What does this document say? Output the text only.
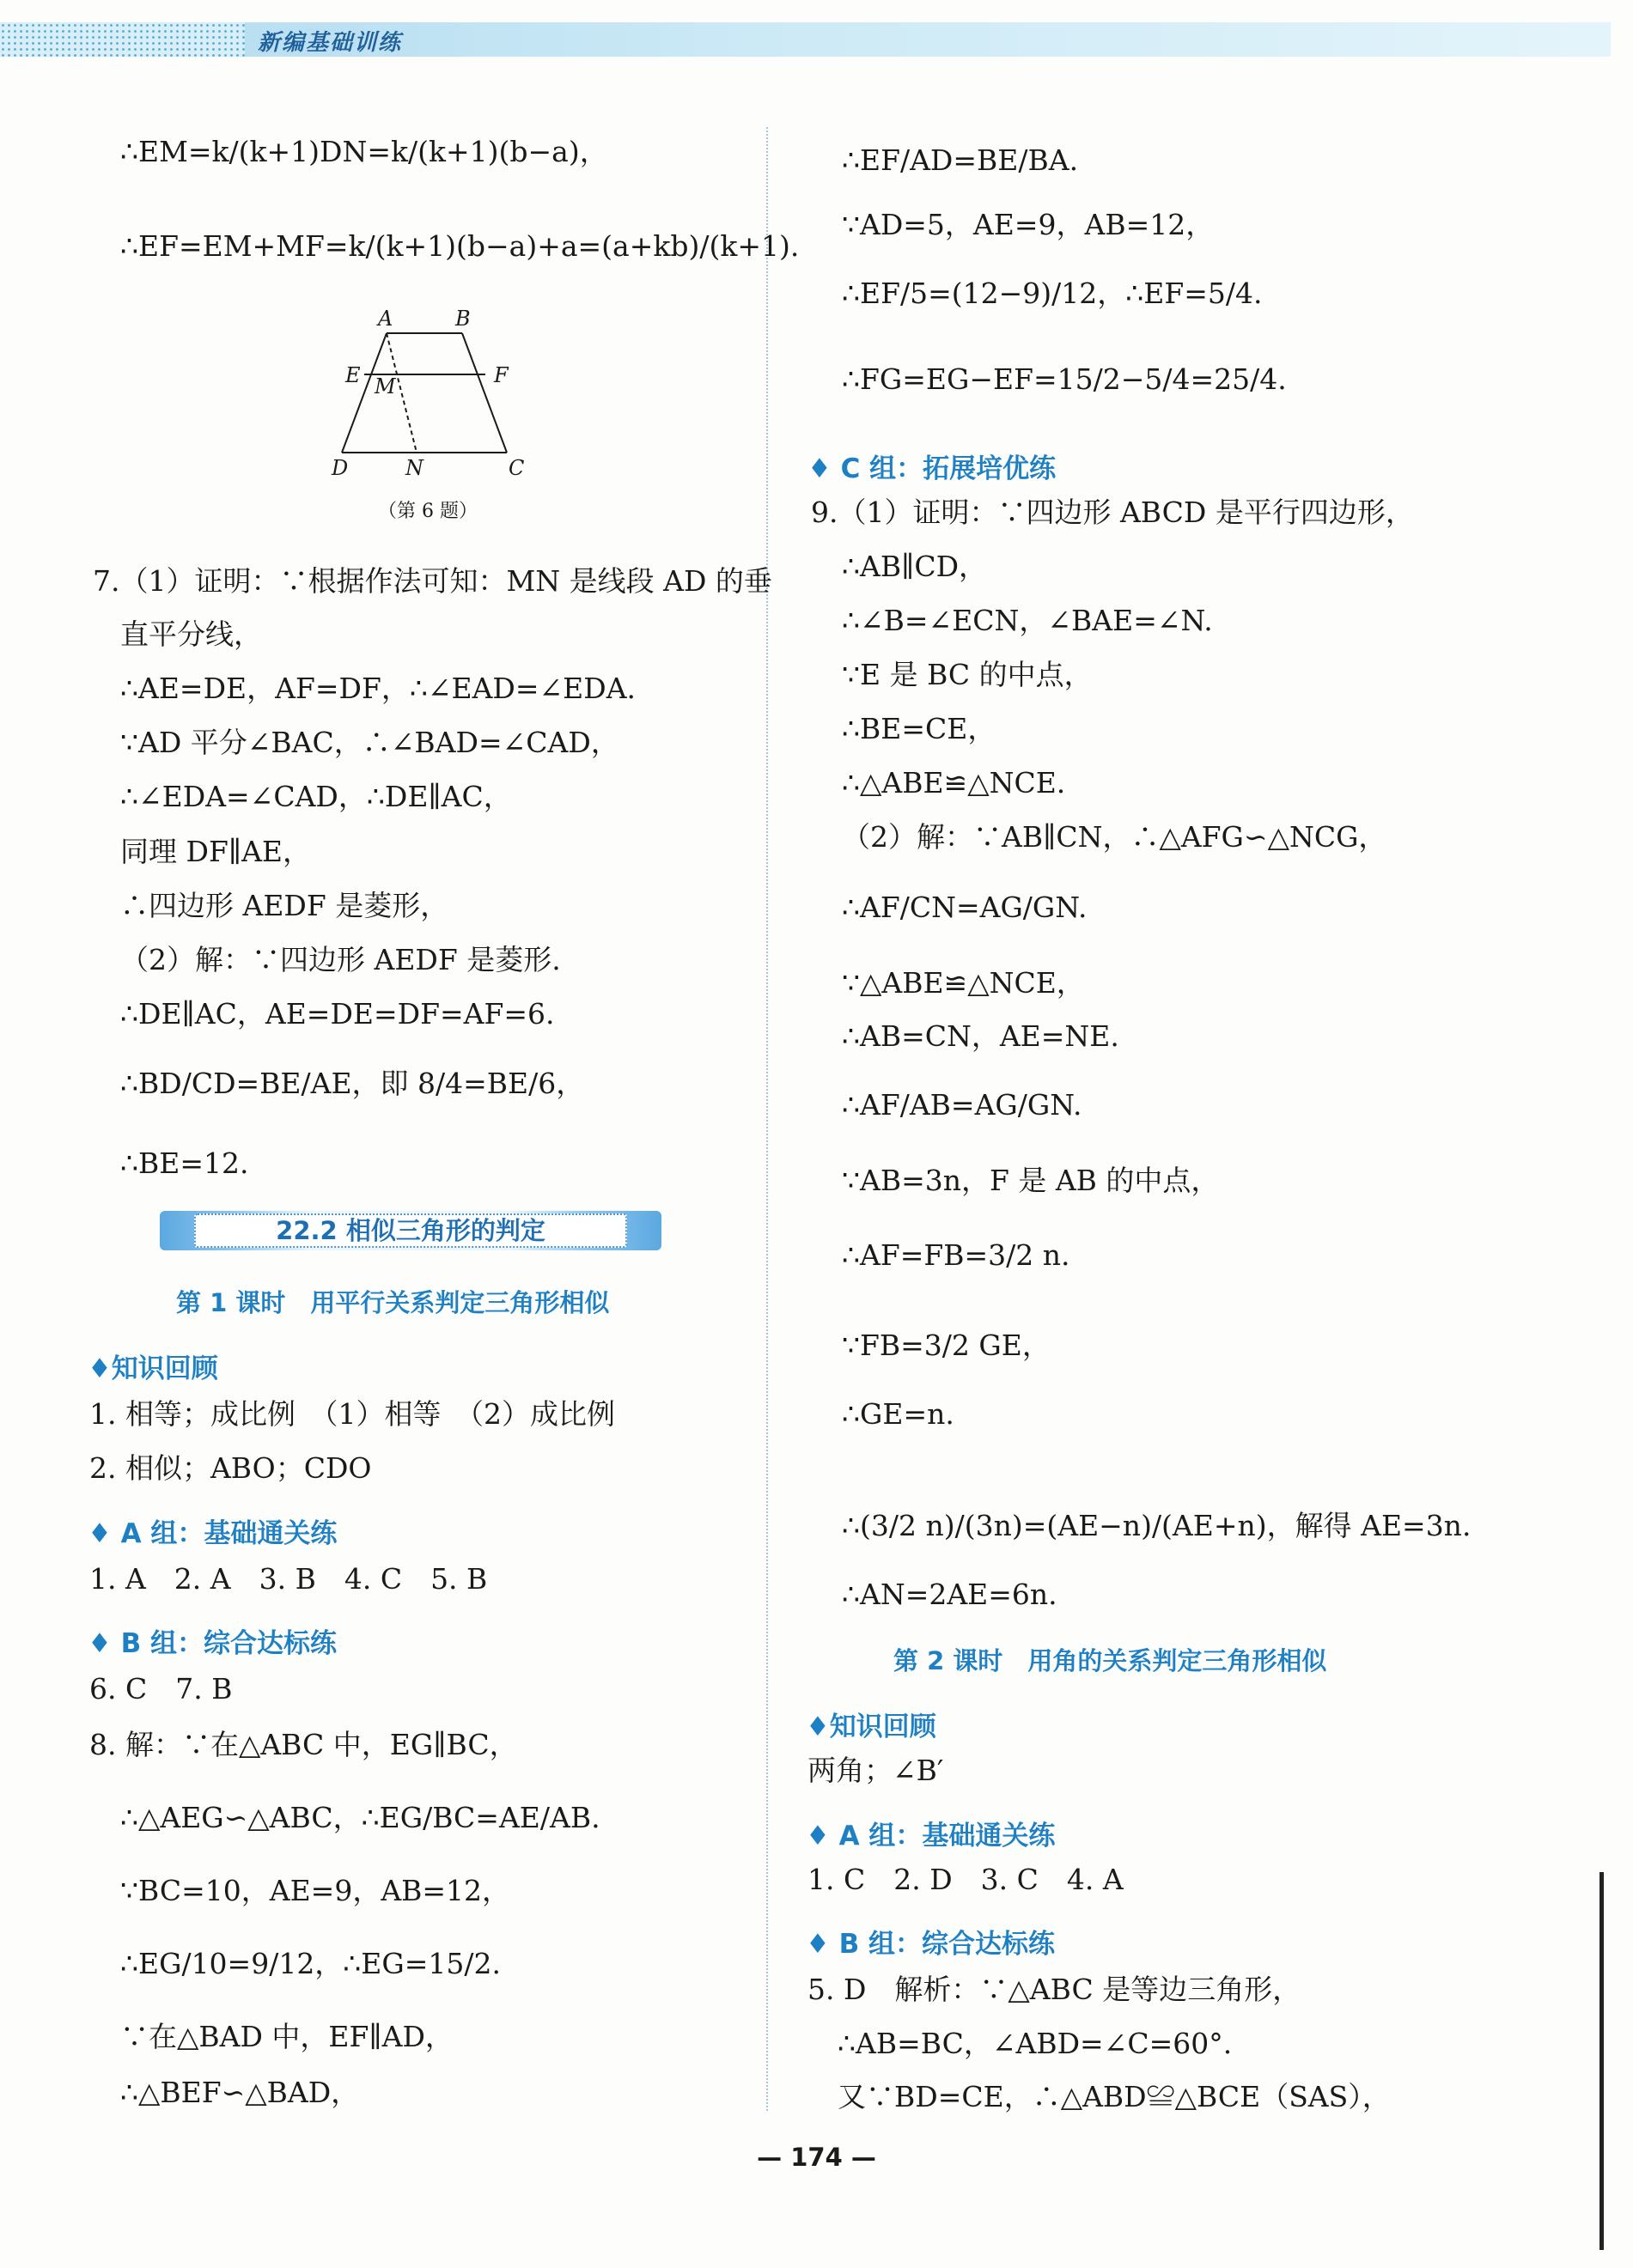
新编基础训练
∴EM=k/(k+1)DN=k/(k+1)(b−a)，
∴EF=EM+MF=k/(k+1)(b−a)+a=(a+kb)/(k+1).
A	B
E M	F
D	N	C
（第 6 题）
7.（1）证明：∵根据作法可知：MN 是线段 AD 的垂
直平分线，
∴AE=DE，AF=DF，∴∠EAD=∠EDA.
∵AD 平分∠BAC，∴∠BAD=∠CAD，
∴∠EDA=∠CAD，∴DE∥AC，
同理 DF∥AE，
∴四边形 AEDF 是菱形，
（2）解：∵四边形 AEDF 是菱形.
∴DE∥AC，AE=DE=DF=AF=6.
∴BD/CD=BE/AE，即 8/4=BE/6，
∴BE=12.
22.2 相似三角形的判定
第 1 课时　用平行关系判定三角形相似
♦知识回顾
1. 相等；成比例　（1）相等　（2）成比例
2. 相似；ABO；CDO
♦ A 组：基础通关练
1. A　2. A　3. B　4. C　5. B
♦ B 组：综合达标练
6. C　7. B
8. 解：∵在△ABC 中，EG∥BC，
∴△AEG∽△ABC，∴EG/BC=AE/AB.
∵BC=10，AE=9，AB=12，
∴EG/10=9/12，∴EG=15/2.
∵在△BAD 中，EF∥AD，
∴△BEF∽△BAD，
∴EF/AD=BE/BA.
∵AD=5，AE=9，AB=12，
∴EF/5=(12−9)/12，∴EF=5/4.
∴FG=EG−EF=15/2−5/4=25/4.
♦ C 组：拓展培优练
9.（1）证明：∵四边形 ABCD 是平行四边形，
∴AB∥CD，
∴∠B=∠ECN，∠BAE=∠N.
∵E 是 BC 的中点，
∴BE=CE，
∴△ABE≌△NCE.
（2）解：∵AB∥CN，∴△AFG∽△NCG，
∴AF/CN=AG/GN.
∵△ABE≌△NCE，
∴AB=CN，AE=NE.
∴AF/AB=AG/GN.
∵AB=3n，F 是 AB 的中点，
∴AF=FB=3/2 n.
∵FB=3/2 GE，
∴GE=n.
∴(3/2 n)/(3n)=(AE−n)/(AE+n)，解得 AE=3n.
∴AN=2AE=6n.
第 2 课时　用角的关系判定三角形相似
♦知识回顾
两角；∠B′
♦ A 组：基础通关练
1. C　2. D　3. C　4. A
♦ B 组：综合达标练
5. D　解析：∵△ABC 是等边三角形，
∴AB=BC，∠ABD=∠C=60°.
又∵BD=CE，∴△ABD≌△BCE（SAS），
— 174 —
